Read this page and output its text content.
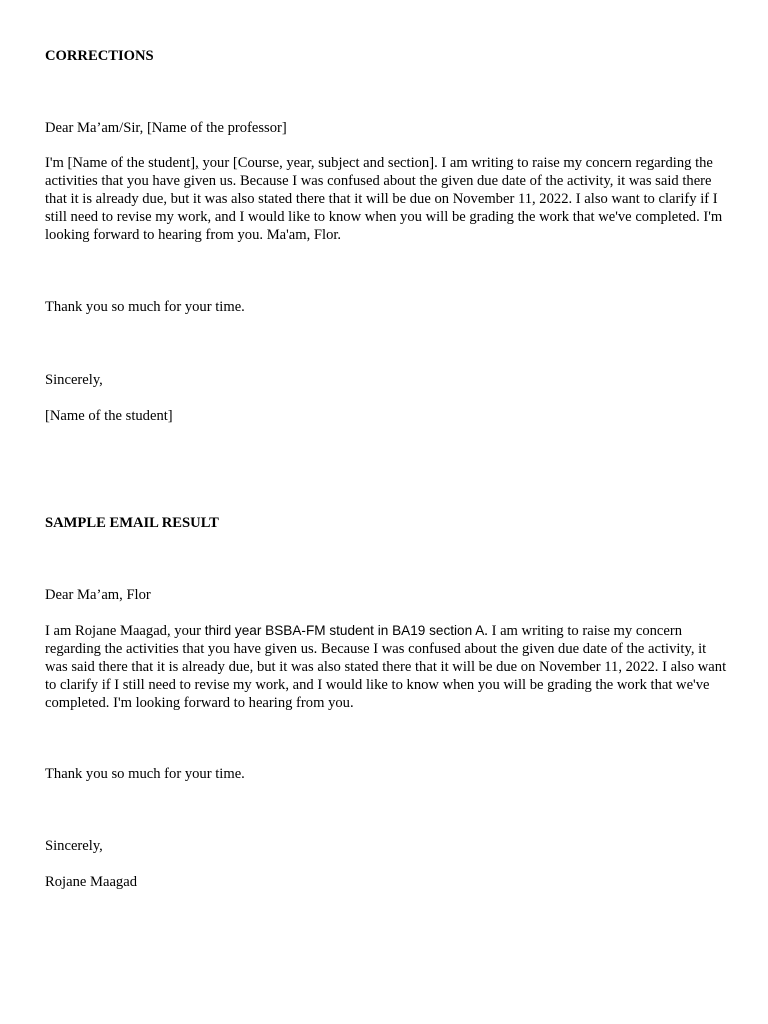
CORRECTIONS

Dear Ma’am/Sir, [Name of the professor]

I'm [Name of the student], your [Course, year, subject and section]. I am writing to raise my concern regarding the activities that you have given us. Because I was confused about the given due date of the activity, it was said there that it is already due, but it was also stated there that it will be due on November 11, 2022. I also want to clarify if I still need to revise my work, and I would like to know when you will be grading the work that we've completed. I'm looking forward to hearing from you. Ma'am, Flor.

Thank you so much for your time.

Sincerely,

[Name of the student]

SAMPLE EMAIL RESULT

Dear Ma’am, Flor

I am Rojane Maagad, your third year BSBA-FM student in BA19 section A. I am writing to raise my concern regarding the activities that you have given us. Because I was confused about the given due date of the activity, it was said there that it is already due, but it was also stated there that it will be due on November 11, 2022. I also want to clarify if I still need to revise my work, and I would like to know when you will be grading the work that we've completed. I'm looking forward to hearing from you.

Thank you so much for your time.

Sincerely,

Rojane Maagad
